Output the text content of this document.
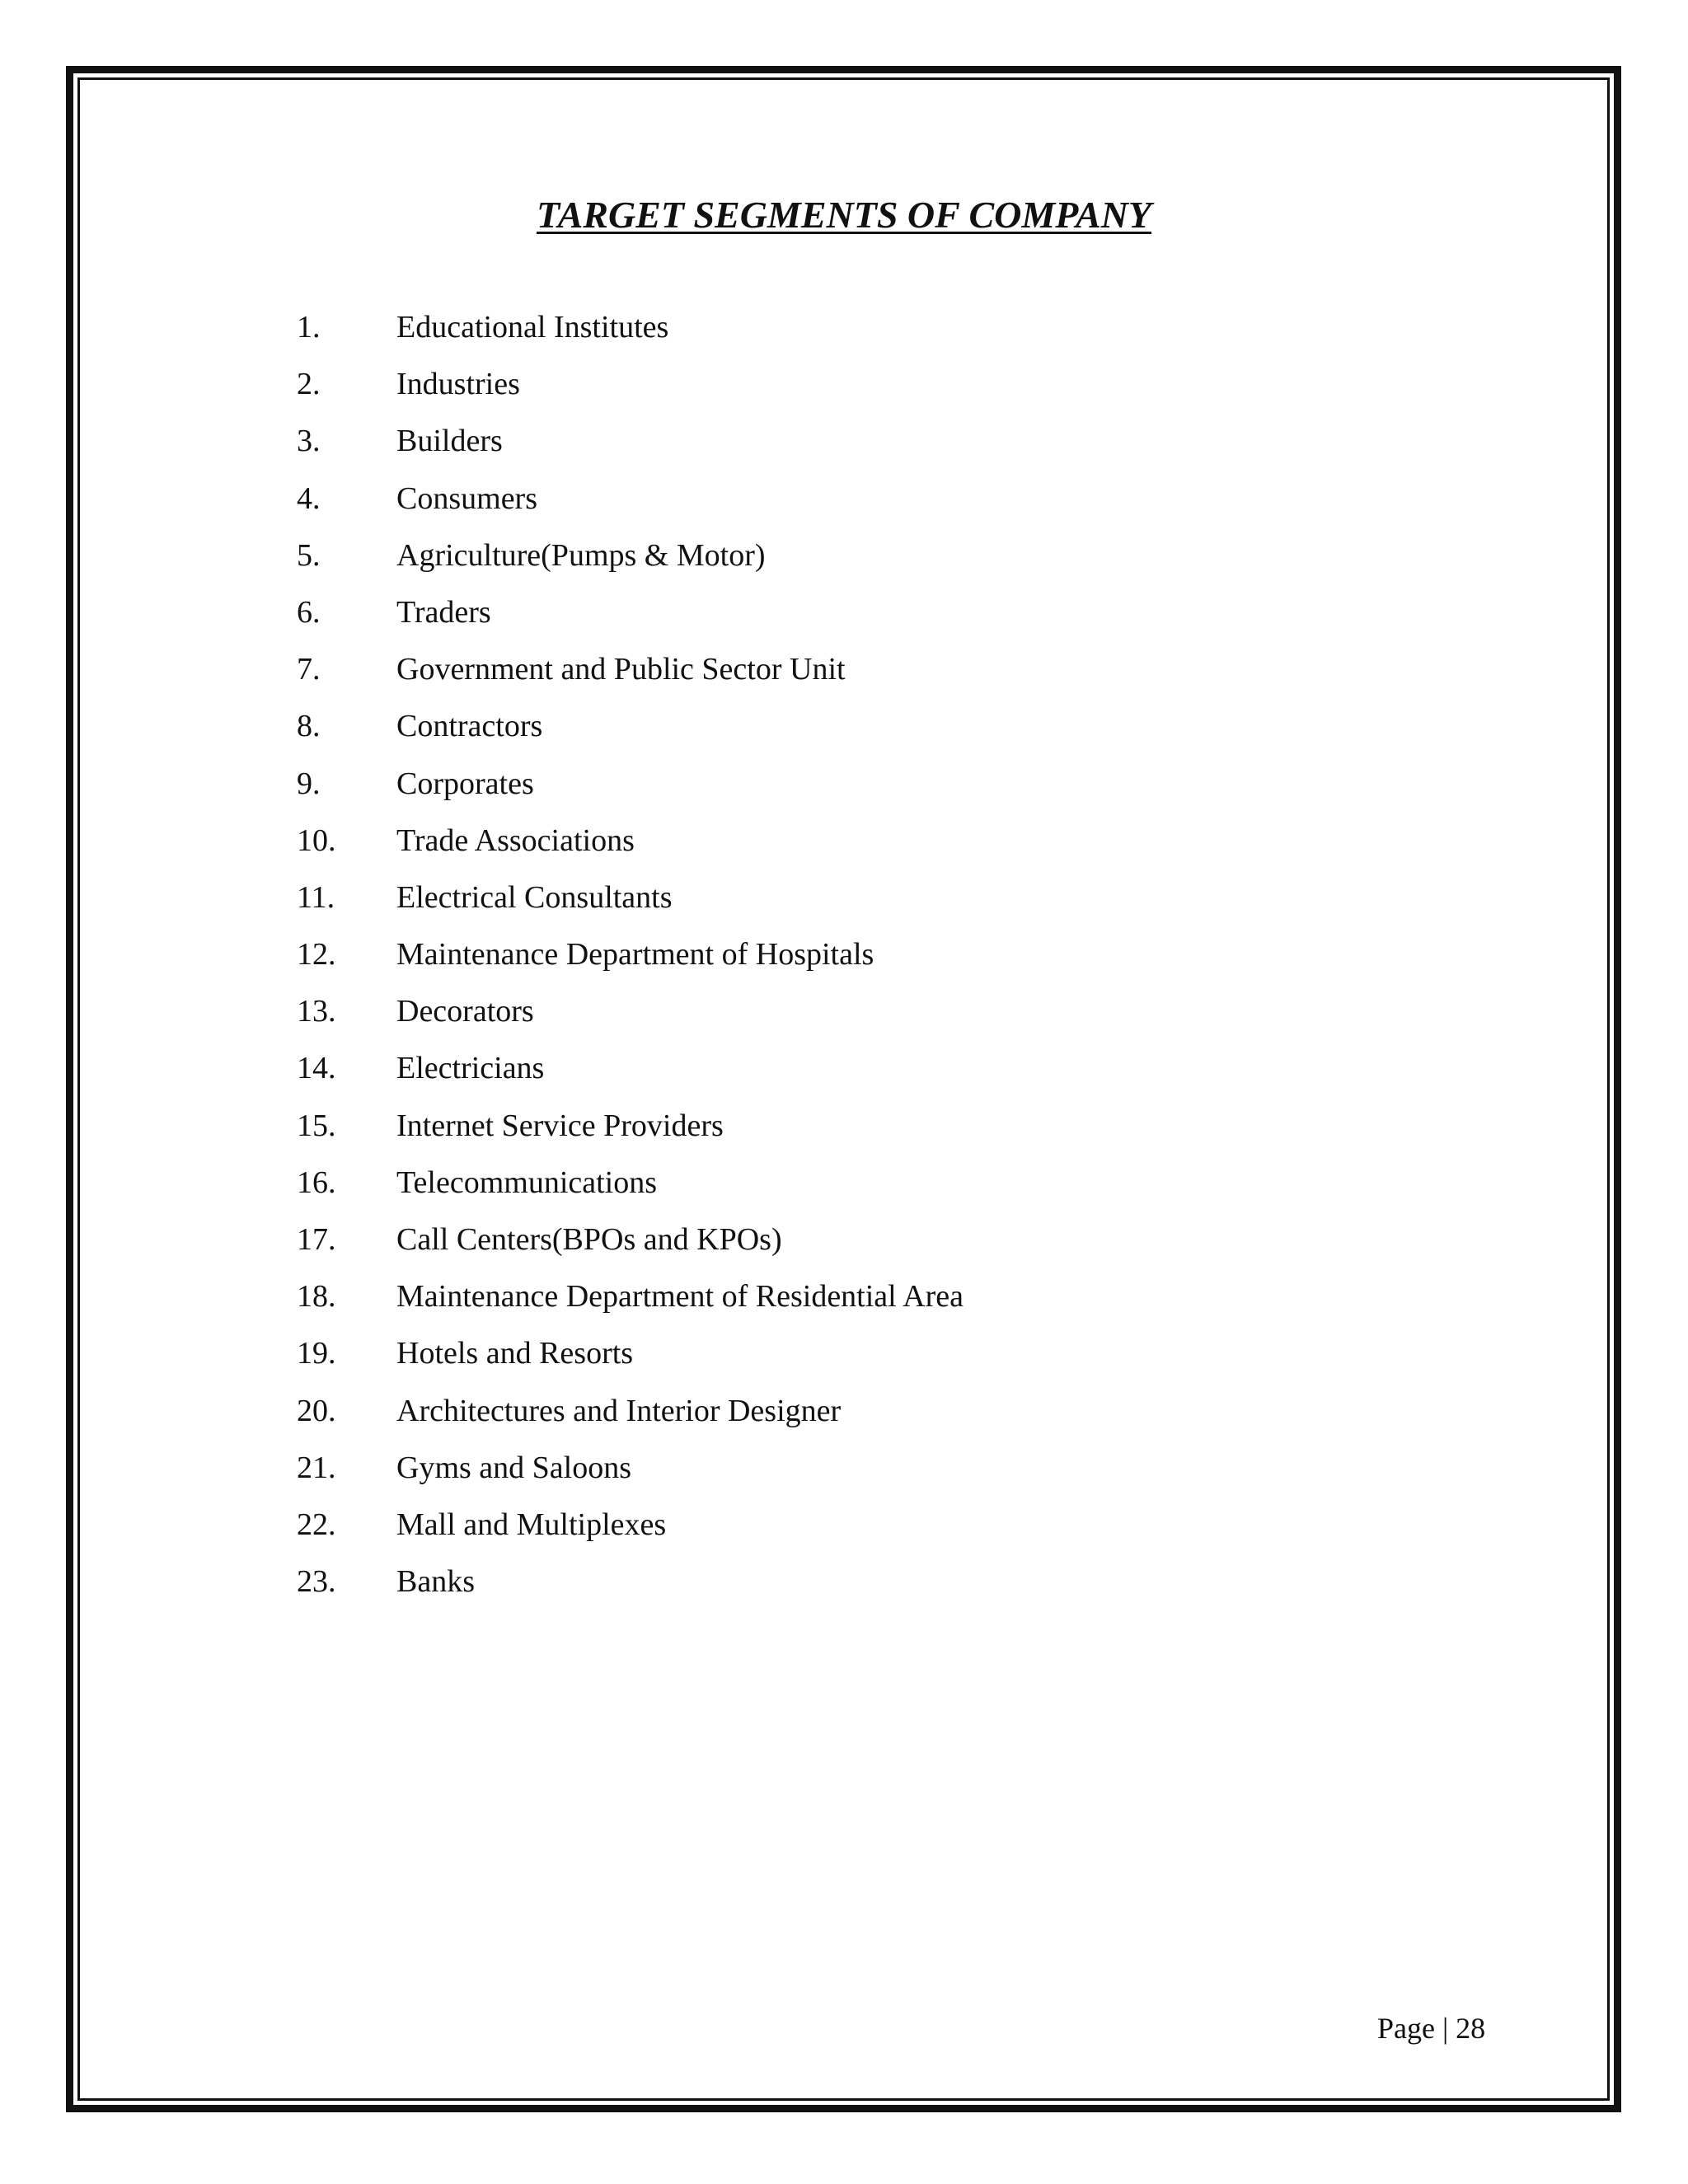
TARGET SEGMENTS OF COMPANY
1.	Educational Institutes
2.	Industries
3.	Builders
4.	Consumers
5.	Agriculture(Pumps & Motor)
6.	Traders
7.	Government and Public Sector Unit
8.	Contractors
9.	Corporates
10.	Trade Associations
11.	Electrical Consultants
12.	Maintenance Department of Hospitals
13.	Decorators
14.	Electricians
15.	Internet Service Providers
16.	Telecommunications
17.	Call Centers(BPOs and KPOs)
18.	Maintenance Department of Residential Area
19.	Hotels and Resorts
20.	Architectures and Interior Designer
21.	Gyms and Saloons
22.	Mall and Multiplexes
23.	Banks
Page | 28
